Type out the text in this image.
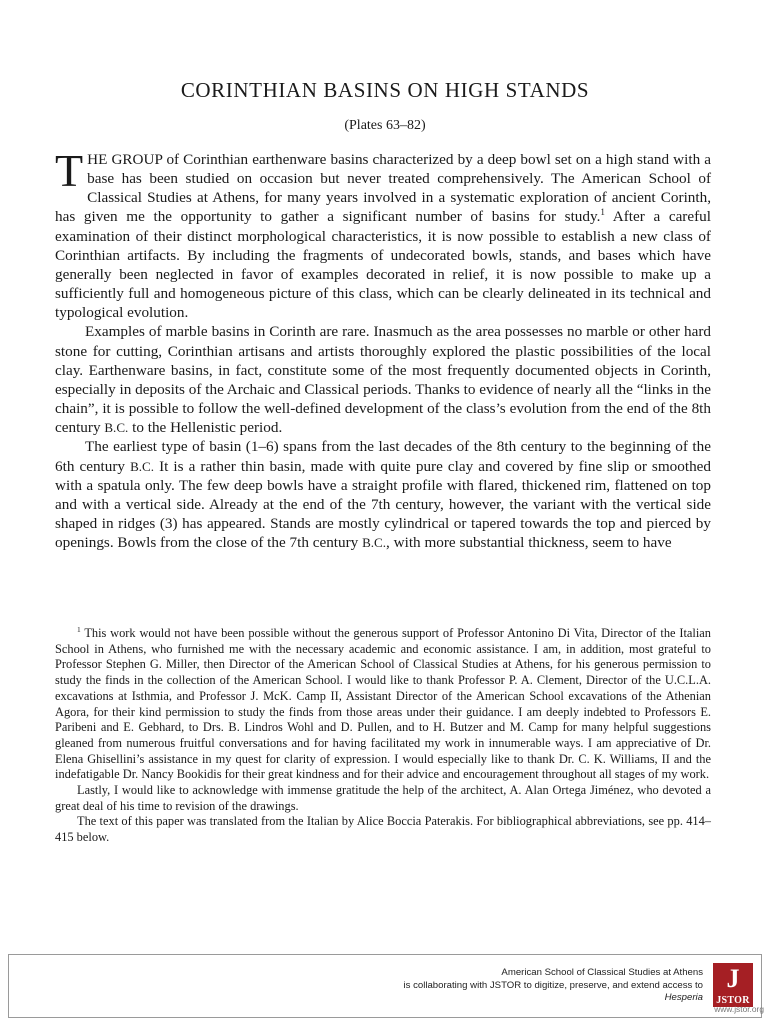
CORINTHIAN BASINS ON HIGH STANDS
(Plates 63–82)

THE GROUP of Corinthian earthenware basins characterized by a deep bowl set on a high stand with a base has been studied on occasion but never treated comprehensively. The American School of Classical Studies at Athens, for many years involved in a systematic exploration of ancient Corinth, has given me the opportunity to gather a significant number of basins for study.$^1$ After a careful examination of their distinct morphological characteristics, it is now possible to establish a new class of Corinthian artifacts. By including the fragments of undecorated bowls, stands, and bases which have generally been neglected in favor of examples decorated in relief, it is now possible to make up a sufficiently full and homogeneous picture of this class, which can be clearly delineated in its technical and typological evolution.

Examples of marble basins in Corinth are rare. Inasmuch as the area possesses no marble or other hard stone for cutting, Corinthian artisans and artists thoroughly explored the plastic possibilities of the local clay. Earthenware basins, in fact, constitute some of the most frequently documented objects in Corinth, especially in deposits of the Archaic and Classical periods. Thanks to evidence of nearly all the “links in the chain”, it is possible to follow the well-defined development of the class’s evolution from the end of the 8th century B.C. to the Hellenistic period.

The earliest type of basin (1–6) spans from the last decades of the 8th century to the beginning of the 6th century B.C. It is a rather thin basin, made with quite pure clay and covered by fine slip or smoothed with a spatula only. The few deep bowls have a straight profile with flared, thickened rim, flattened on top and with a vertical side. Already at the end of the 7th century, however, the variant with the vertical side shaped in ridges (3) has appeared. Stands are mostly cylindrical or tapered towards the top and pierced by openings. Bowls from the close of the 7th century B.C., with more substantial thickness, seem to have

$^1$ This work would not have been possible without the generous support of Professor Antonino Di Vita, Director of the Italian School in Athens, who furnished me with the necessary academic and economic assistance. I am, in addition, most grateful to Professor Stephen G. Miller, then Director of the American School of Classical Studies at Athens, for his generous permission to study the finds in the collection of the American School. I would like to thank Professor P. A. Clement, Director of the U.C.L.A. excavations at Isthmia, and Professor J. McK. Camp II, Assistant Director of the American School excavations of the Athenian Agora, for their kind permission to study the finds from those areas under their guidance. I am deeply indebted to Professors E. Paribeni and E. Gebhard, to Drs. B. Lindros Wohl and D. Pullen, and to H. Butzer and M. Camp for many helpful suggestions gleaned from numerous fruitful conversations and for having facilitated my work in innumerable ways. I am appreciative of Dr. Elena Ghisellini’s assistance in my quest for clarity of expression. I would especially like to thank Dr. C. K. Williams, II and the indefatigable Dr. Nancy Bookidis for their great kindness and for their advice and encouragement throughout all stages of my work.

Lastly, I would like to acknowledge with immense gratitude the help of the architect, A. Alan Ortega Jiménez, who devoted a great deal of his time to revision of the drawings.

The text of this paper was translated from the Italian by Alice Boccia Paterakis. For bibliographical abbreviations, see pp. 414–415 below.

American School of Classical Studies at Athens
is collaborating with JSTOR to digitize, preserve, and extend access to
Hesperia
J
JSTOR
www.jstor.org
